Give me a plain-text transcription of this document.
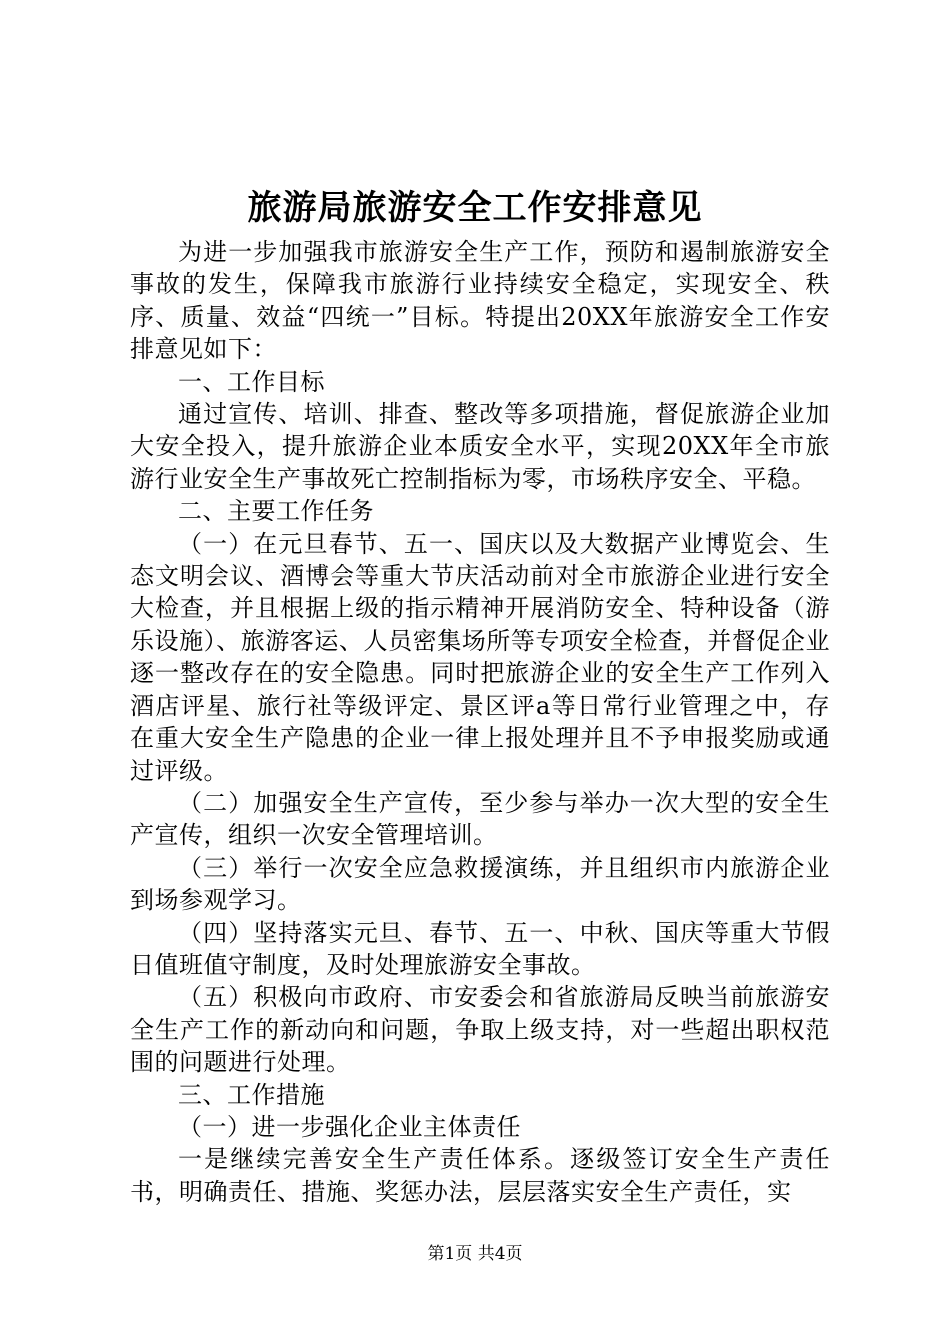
旅游局旅游安全工作安排意见

为进一步加强我市旅游安全生产工作，预防和遏制旅游安全事故的发生，保障我市旅游行业持续安全稳定，实现安全、秩序、质量、效益“四统一”目标。特提出20XX年旅游安全工作安排意见如下：

一、工作目标

通过宣传、培训、排查、整改等多项措施，督促旅游企业加大安全投入，提升旅游企业本质安全水平，实现20XX年全市旅游行业安全生产事故死亡控制指标为零，市场秩序安全、平稳。

二、主要工作任务

（一）在元旦春节、五一、国庆以及大数据产业博览会、生态文明会议、酒博会等重大节庆活动前对全市旅游企业进行安全大检查，并且根据上级的指示精神开展消防安全、特种设备（游乐设施）、旅游客运、人员密集场所等专项安全检查，并督促企业逐一整改存在的安全隐患。同时把旅游企业的安全生产工作列入酒店评星、旅行社等级评定、景区评a等日常行业管理之中，存在重大安全生产隐患的企业一律上报处理并且不予申报奖励或通过评级。

（二）加强安全生产宣传，至少参与举办一次大型的安全生产宣传，组织一次安全管理培训。

（三）举行一次安全应急救援演练，并且组织市内旅游企业到场参观学习。

（四）坚持落实元旦、春节、五一、中秋、国庆等重大节假日值班值守制度，及时处理旅游安全事故。

（五）积极向市政府、市安委会和省旅游局反映当前旅游安全生产工作的新动向和问题，争取上级支持，对一些超出职权范围的问题进行处理。

三、工作措施

（一）进一步强化企业主体责任

一是继续完善安全生产责任体系。逐级签订安全生产责任书，明确责任、措施、奖惩办法，层层落实安全生产责任，实

第1页 共4页
